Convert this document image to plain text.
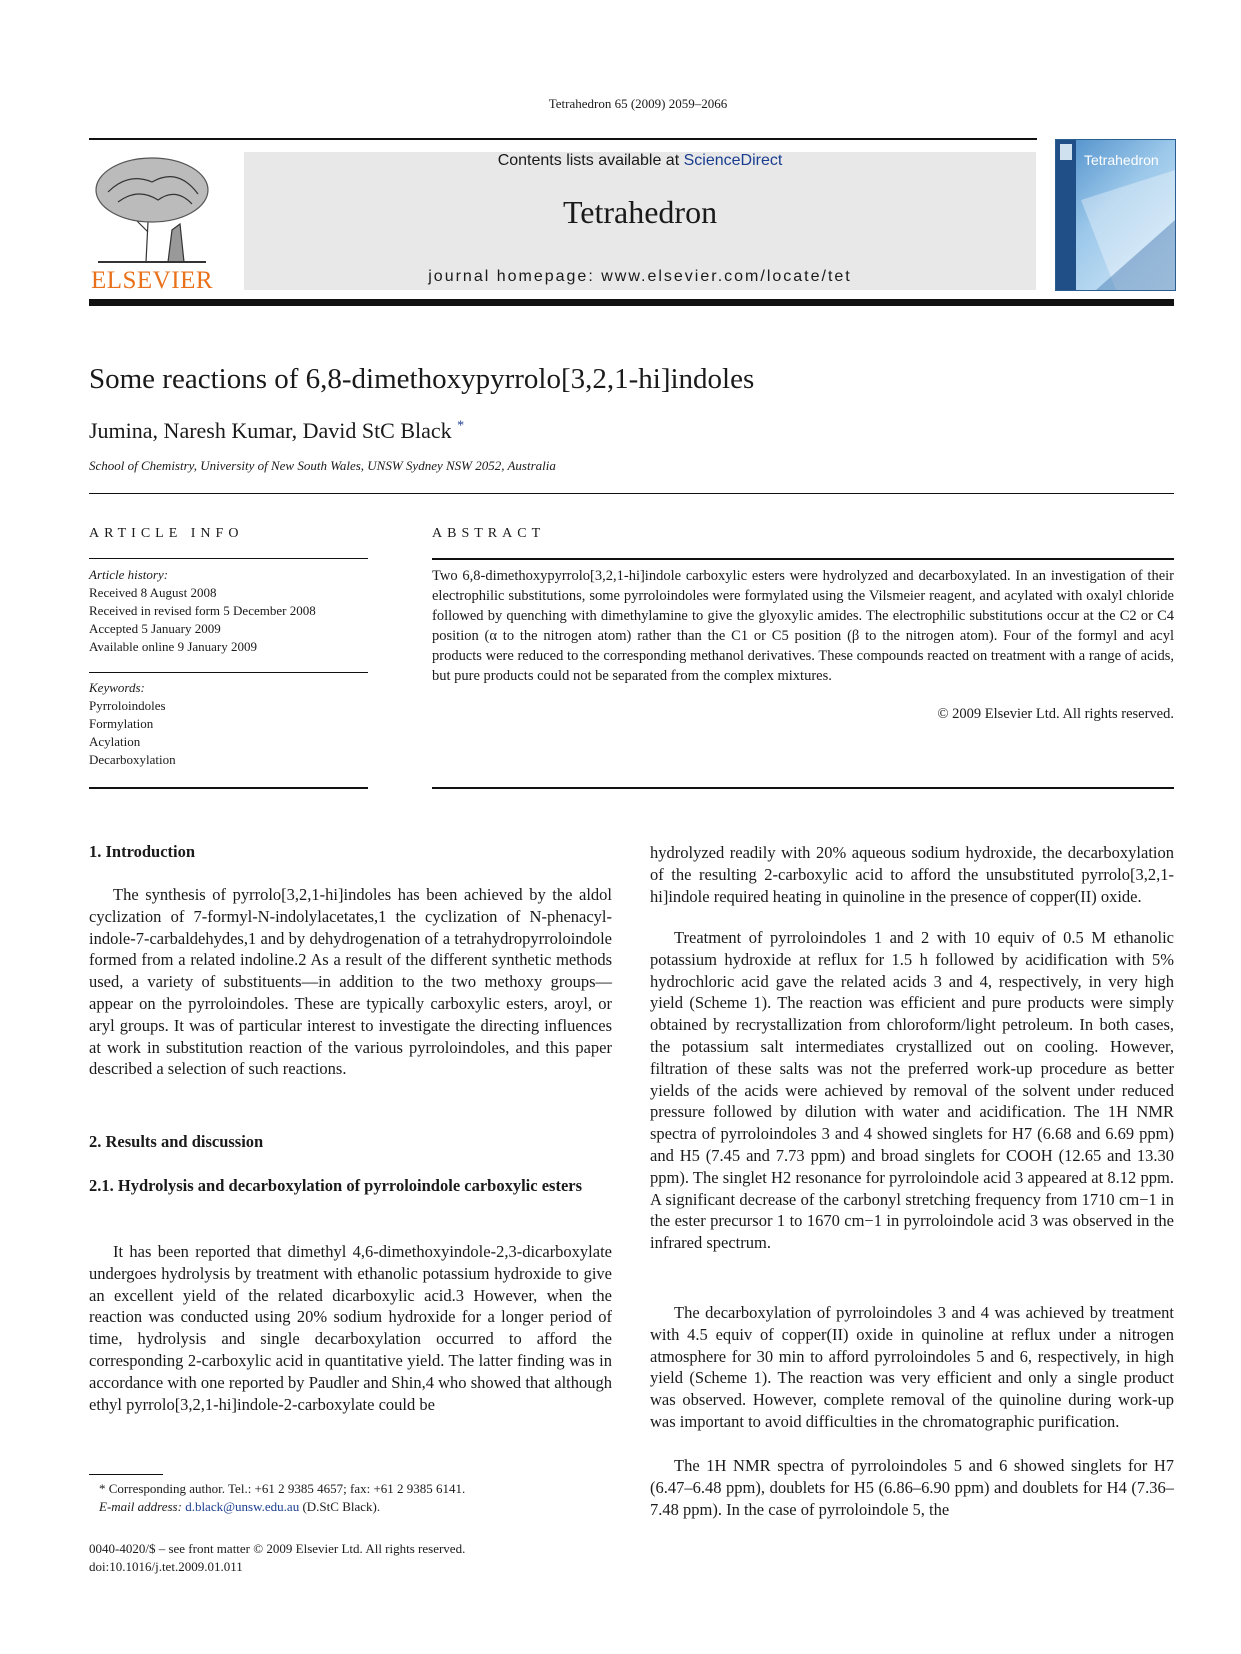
Tetrahedron 65 (2009) 2059–2066
ELSEVIER
Contents lists available at ScienceDirect
Tetrahedron
journal homepage: www.elsevier.com/locate/tet
Tetrahedron
Some reactions of 6,8-dimethoxypyrrolo[3,2,1-hi]indoles
Jumina, Naresh Kumar, David StC Black *
School of Chemistry, University of New South Wales, UNSW Sydney NSW 2052, Australia
ARTICLE INFO	ABSTRACT
Article history:
Received 8 August 2008
Received in revised form 5 December 2008
Accepted 5 January 2009
Available online 9 January 2009
Keywords:
Pyrroloindoles
Formylation
Acylation
Decarboxylation
Two 6,8-dimethoxypyrrolo[3,2,1-hi]indole carboxylic esters were hydrolyzed and decarboxylated. In an investigation of their electrophilic substitutions, some pyrroloindoles were formylated using the Vilsmeier reagent, and acylated with oxalyl chloride followed by quenching with dimethylamine to give the glyoxylic amides. The electrophilic substitutions occur at the C2 or C4 position (α to the nitrogen atom) rather than the C1 or C5 position (β to the nitrogen atom). Four of the formyl and acyl products were reduced to the corresponding methanol derivatives. These compounds reacted on treatment with a range of acids, but pure products could not be separated from the complex mixtures.
© 2009 Elsevier Ltd. All rights reserved.
1. Introduction
The synthesis of pyrrolo[3,2,1-hi]indoles has been achieved by the aldol cyclization of 7-formyl-N-indolylacetates,1 the cyclization of N-phenacyl-indole-7-carbaldehydes,1 and by dehydrogenation of a tetrahydropyrroloindole formed from a related indoline.2 As a result of the different synthetic methods used, a variety of substituents—in addition to the two methoxy groups—appear on the pyrroloindoles. These are typically carboxylic esters, aroyl, or aryl groups. It was of particular interest to investigate the directing influences at work in substitution reaction of the various pyrroloindoles, and this paper described a selection of such reactions.
2. Results and discussion
2.1. Hydrolysis and decarboxylation of pyrroloindole carboxylic esters
It has been reported that dimethyl 4,6-dimethoxyindole-2,3-dicarboxylate undergoes hydrolysis by treatment with ethanolic potassium hydroxide to give an excellent yield of the related dicarboxylic acid.3 However, when the reaction was conducted using 20% sodium hydroxide for a longer period of time, hydrolysis and single decarboxylation occurred to afford the corresponding 2-carboxylic acid in quantitative yield. The latter finding was in accordance with one reported by Paudler and Shin,4 who showed that although ethyl pyrrolo[3,2,1-hi]indole-2-carboxylate could be
hydrolyzed readily with 20% aqueous sodium hydroxide, the decarboxylation of the resulting 2-carboxylic acid to afford the unsubstituted pyrrolo[3,2,1-hi]indole required heating in quinoline in the presence of copper(II) oxide.
Treatment of pyrroloindoles 1 and 2 with 10 equiv of 0.5 M ethanolic potassium hydroxide at reflux for 1.5 h followed by acidification with 5% hydrochloric acid gave the related acids 3 and 4, respectively, in very high yield (Scheme 1). The reaction was efficient and pure products were simply obtained by recrystallization from chloroform/light petroleum. In both cases, the potassium salt intermediates crystallized out on cooling. However, filtration of these salts was not the preferred work-up procedure as better yields of the acids were achieved by removal of the solvent under reduced pressure followed by dilution with water and acidification. The 1H NMR spectra of pyrroloindoles 3 and 4 showed singlets for H7 (6.68 and 6.69 ppm) and H5 (7.45 and 7.73 ppm) and broad singlets for COOH (12.65 and 13.30 ppm). The singlet H2 resonance for pyrroloindole acid 3 appeared at 8.12 ppm. A significant decrease of the carbonyl stretching frequency from 1710 cm−1 in the ester precursor 1 to 1670 cm−1 in pyrroloindole acid 3 was observed in the infrared spectrum.
The decarboxylation of pyrroloindoles 3 and 4 was achieved by treatment with 4.5 equiv of copper(II) oxide in quinoline at reflux under a nitrogen atmosphere for 30 min to afford pyrroloindoles 5 and 6, respectively, in high yield (Scheme 1). The reaction was very efficient and only a single product was observed. However, complete removal of the quinoline during work-up was important to avoid difficulties in the chromatographic purification.
The 1H NMR spectra of pyrroloindoles 5 and 6 showed singlets for H7 (6.47–6.48 ppm), doublets for H5 (6.86–6.90 ppm) and doublets for H4 (7.36–7.48 ppm). In the case of pyrroloindole 5, the
* Corresponding author. Tel.: +61 2 9385 4657; fax: +61 2 9385 6141.
E-mail address: d.black@unsw.edu.au (D.StC Black).
0040-4020/$ – see front matter © 2009 Elsevier Ltd. All rights reserved.
doi:10.1016/j.tet.2009.01.011
